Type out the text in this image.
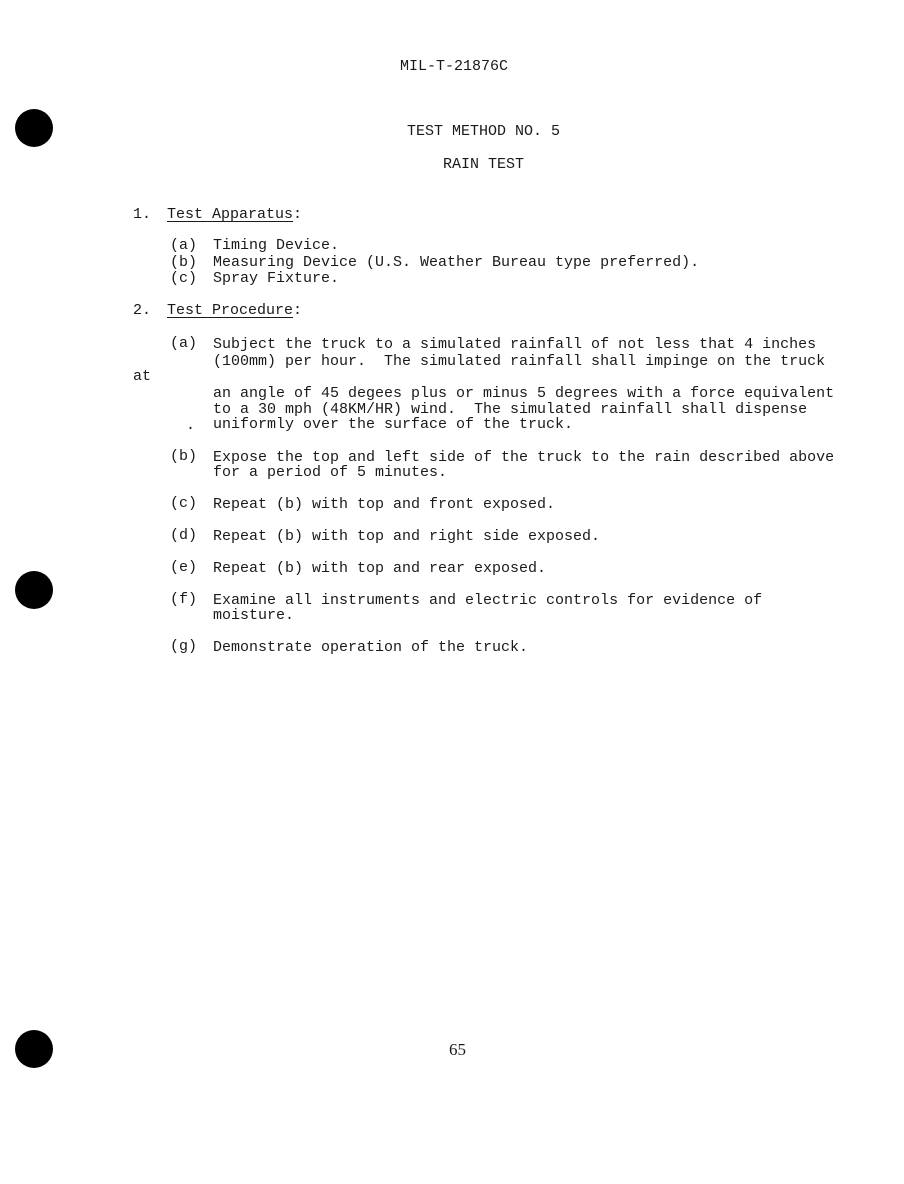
MIL-T-21876C
TEST METHOD NO. 5
RAIN TEST
1. Test Apparatus:
(a) Timing Device.
(b) Measuring Device (U.S. Weather Bureau type preferred).
(c) Spray Fixture.
2. Test Procedure:
(a) Subject the truck to a simulated rainfall of not less that 4 inches
(100mm) per hour.  The simulated rainfall shall impinge on the truck
at
an angle of 45 degees plus or minus 5 degrees with a force equivalent
to a 30 mph (48KM/HR) wind.  The simulated rainfall shall dispense
. uniformly over the surface of the truck.
(b) Expose the top and left side of the truck to the rain described above
for a period of 5 minutes.
(c) Repeat (b) with top and front exposed.
(d) Repeat (b) with top and right side exposed.
(e) Repeat (b) with top and rear exposed.
(f) Examine all instruments and electric controls for evidence of
moisture.
(g) Demonstrate operation of the truck.
65
